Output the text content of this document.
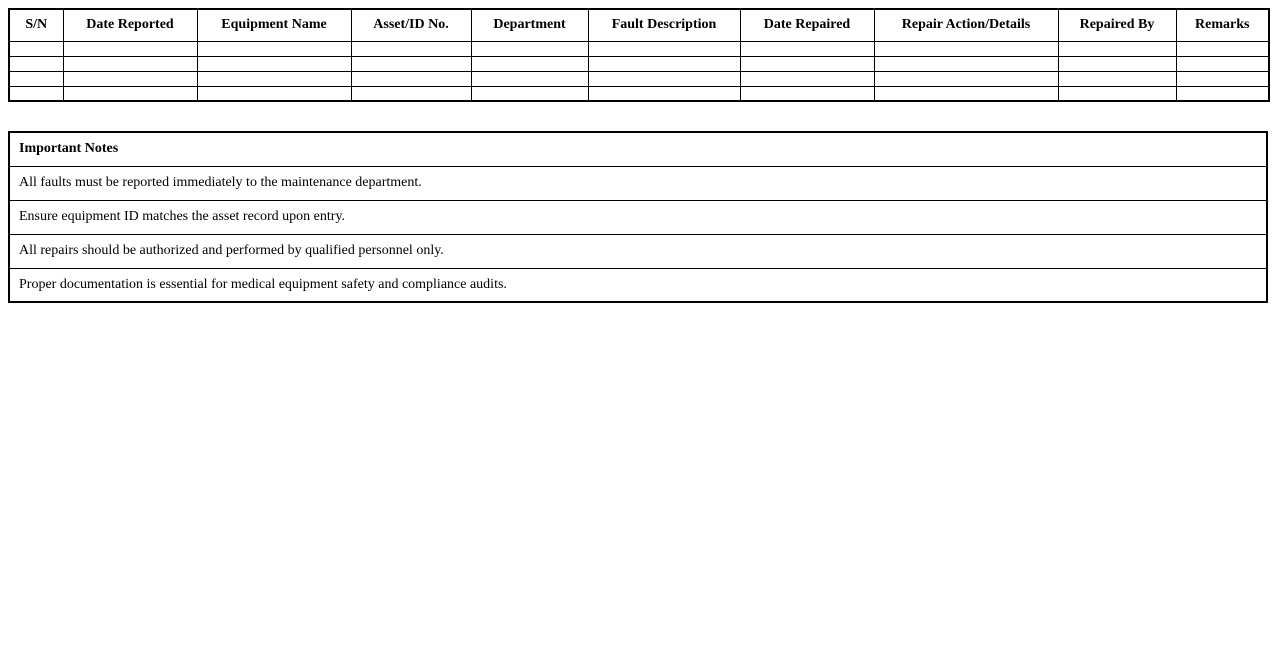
S/N	Date Reported	Equipment Name	Asset/ID No.	Department	Fault Description	Date Repaired	Repair Action/Details	Repaired By	Remarks

Important Notes
All faults must be reported immediately to the maintenance department.
Ensure equipment ID matches the asset record upon entry.
All repairs should be authorized and performed by qualified personnel only.
Proper documentation is essential for medical equipment safety and compliance audits.
